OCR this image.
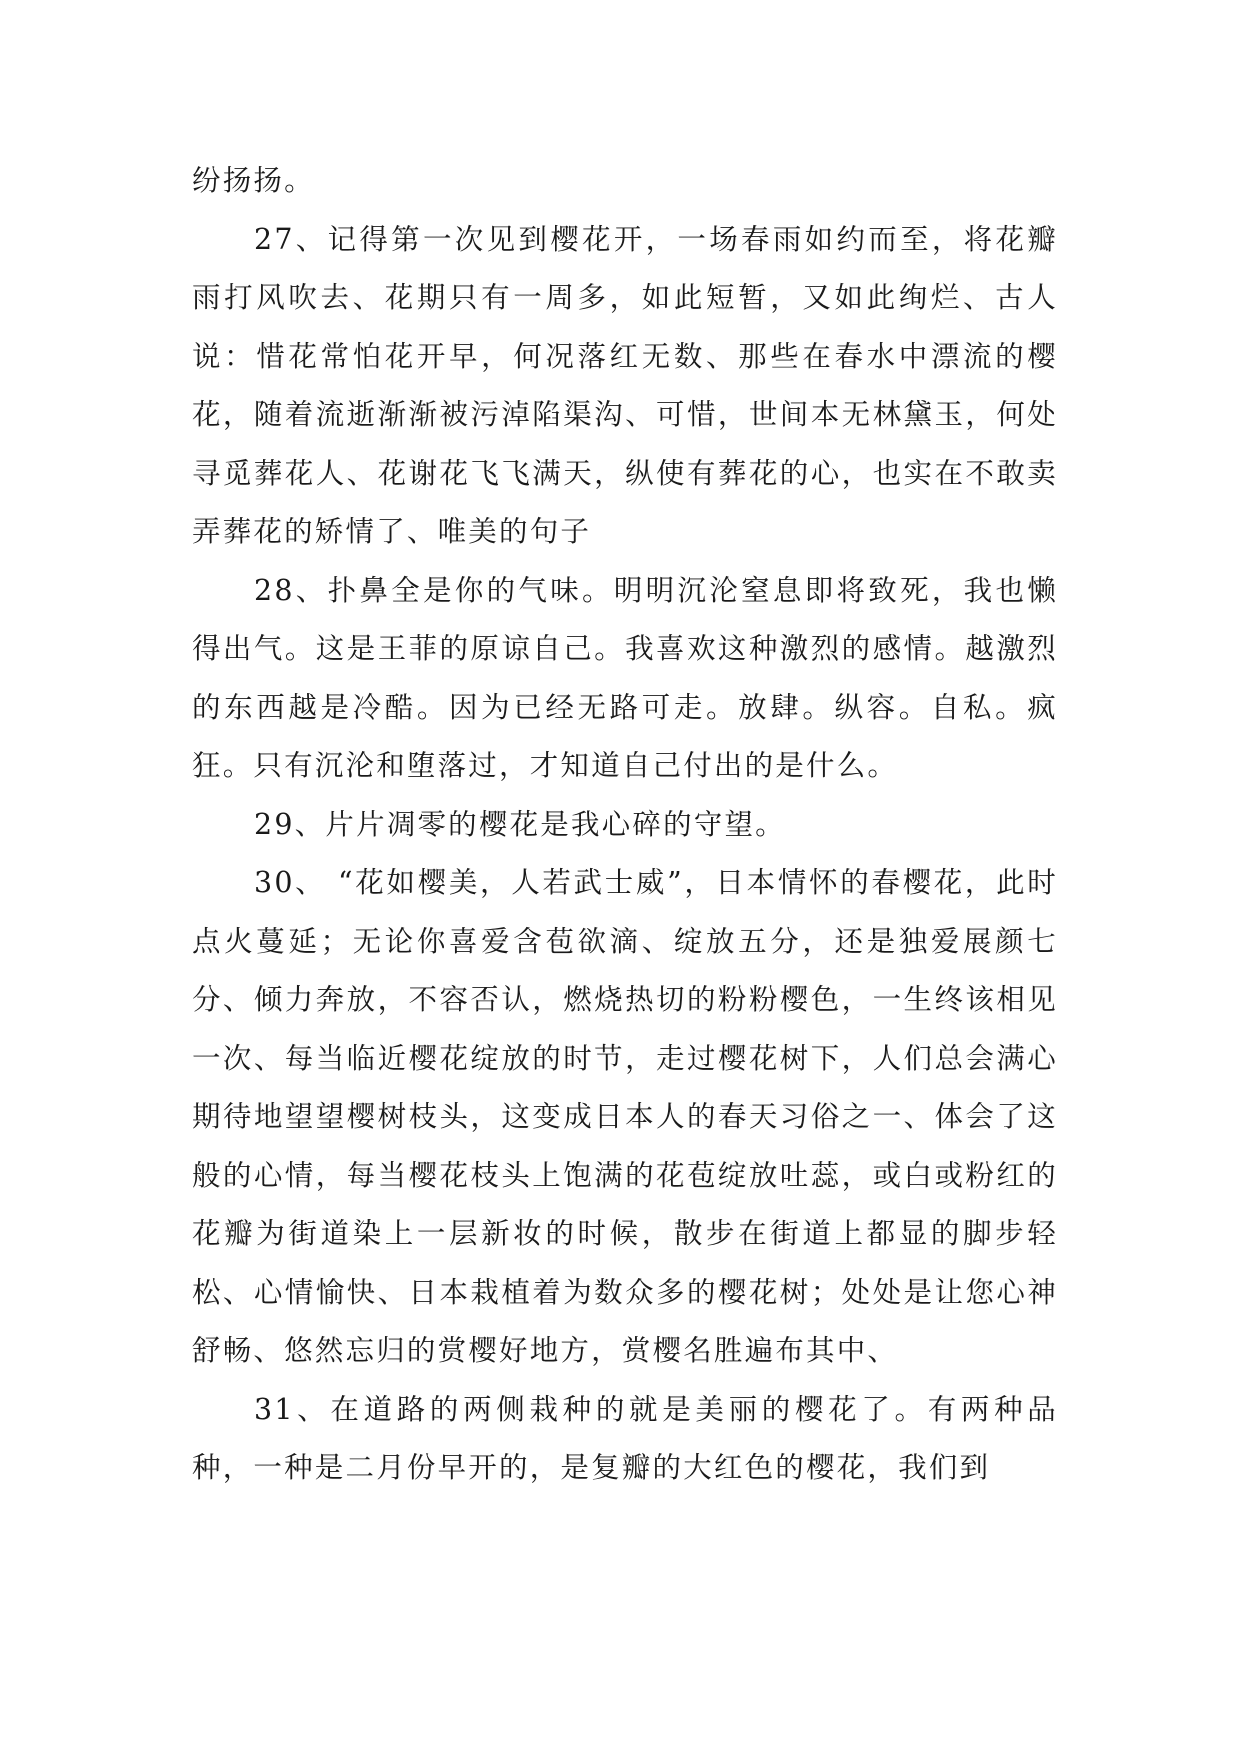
纷扬扬。

27、记得第一次见到樱花开，一场春雨如约而至，将花瓣雨打风吹去、花期只有一周多，如此短暂，又如此绚烂、古人说：惜花常怕花开早，何况落红无数、那些在春水中漂流的樱花，随着流逝渐渐被污淖陷渠沟、可惜，世间本无林黛玉，何处寻觅葬花人、花谢花飞飞满天，纵使有葬花的心，也实在不敢卖弄葬花的矫情了、唯美的句子

28、扑鼻全是你的气味。明明沉沦窒息即将致死，我也懒得出气。这是王菲的原谅自己。我喜欢这种激烈的感情。越激烈的东西越是冷酷。因为已经无路可走。放肆。纵容。自私。疯狂。只有沉沦和堕落过，才知道自己付出的是什么。

29、片片凋零的樱花是我心碎的守望。

30、 “花如樱美，人若武士威”，日本情怀的春樱花，此时点火蔓延；无论你喜爱含苞欲滴、绽放五分，还是独爱展颜七分、倾力奔放，不容否认，燃烧热切的粉粉樱色，一生终该相见一次、每当临近樱花绽放的时节，走过樱花树下，人们总会满心期待地望望樱树枝头，这变成日本人的春天习俗之一、体会了这般的心情，每当樱花枝头上饱满的花苞绽放吐蕊，或白或粉红的花瓣为街道染上一层新妆的时候，散步在街道上都显的脚步轻松、心情愉快、日本栽植着为数众多的樱花树；处处是让您心神舒畅、悠然忘归的赏樱好地方，赏樱名胜遍布其中、

31、在道路的两侧栽种的就是美丽的樱花了。有两种品种，一种是二月份早开的，是复瓣的大红色的樱花，我们到
